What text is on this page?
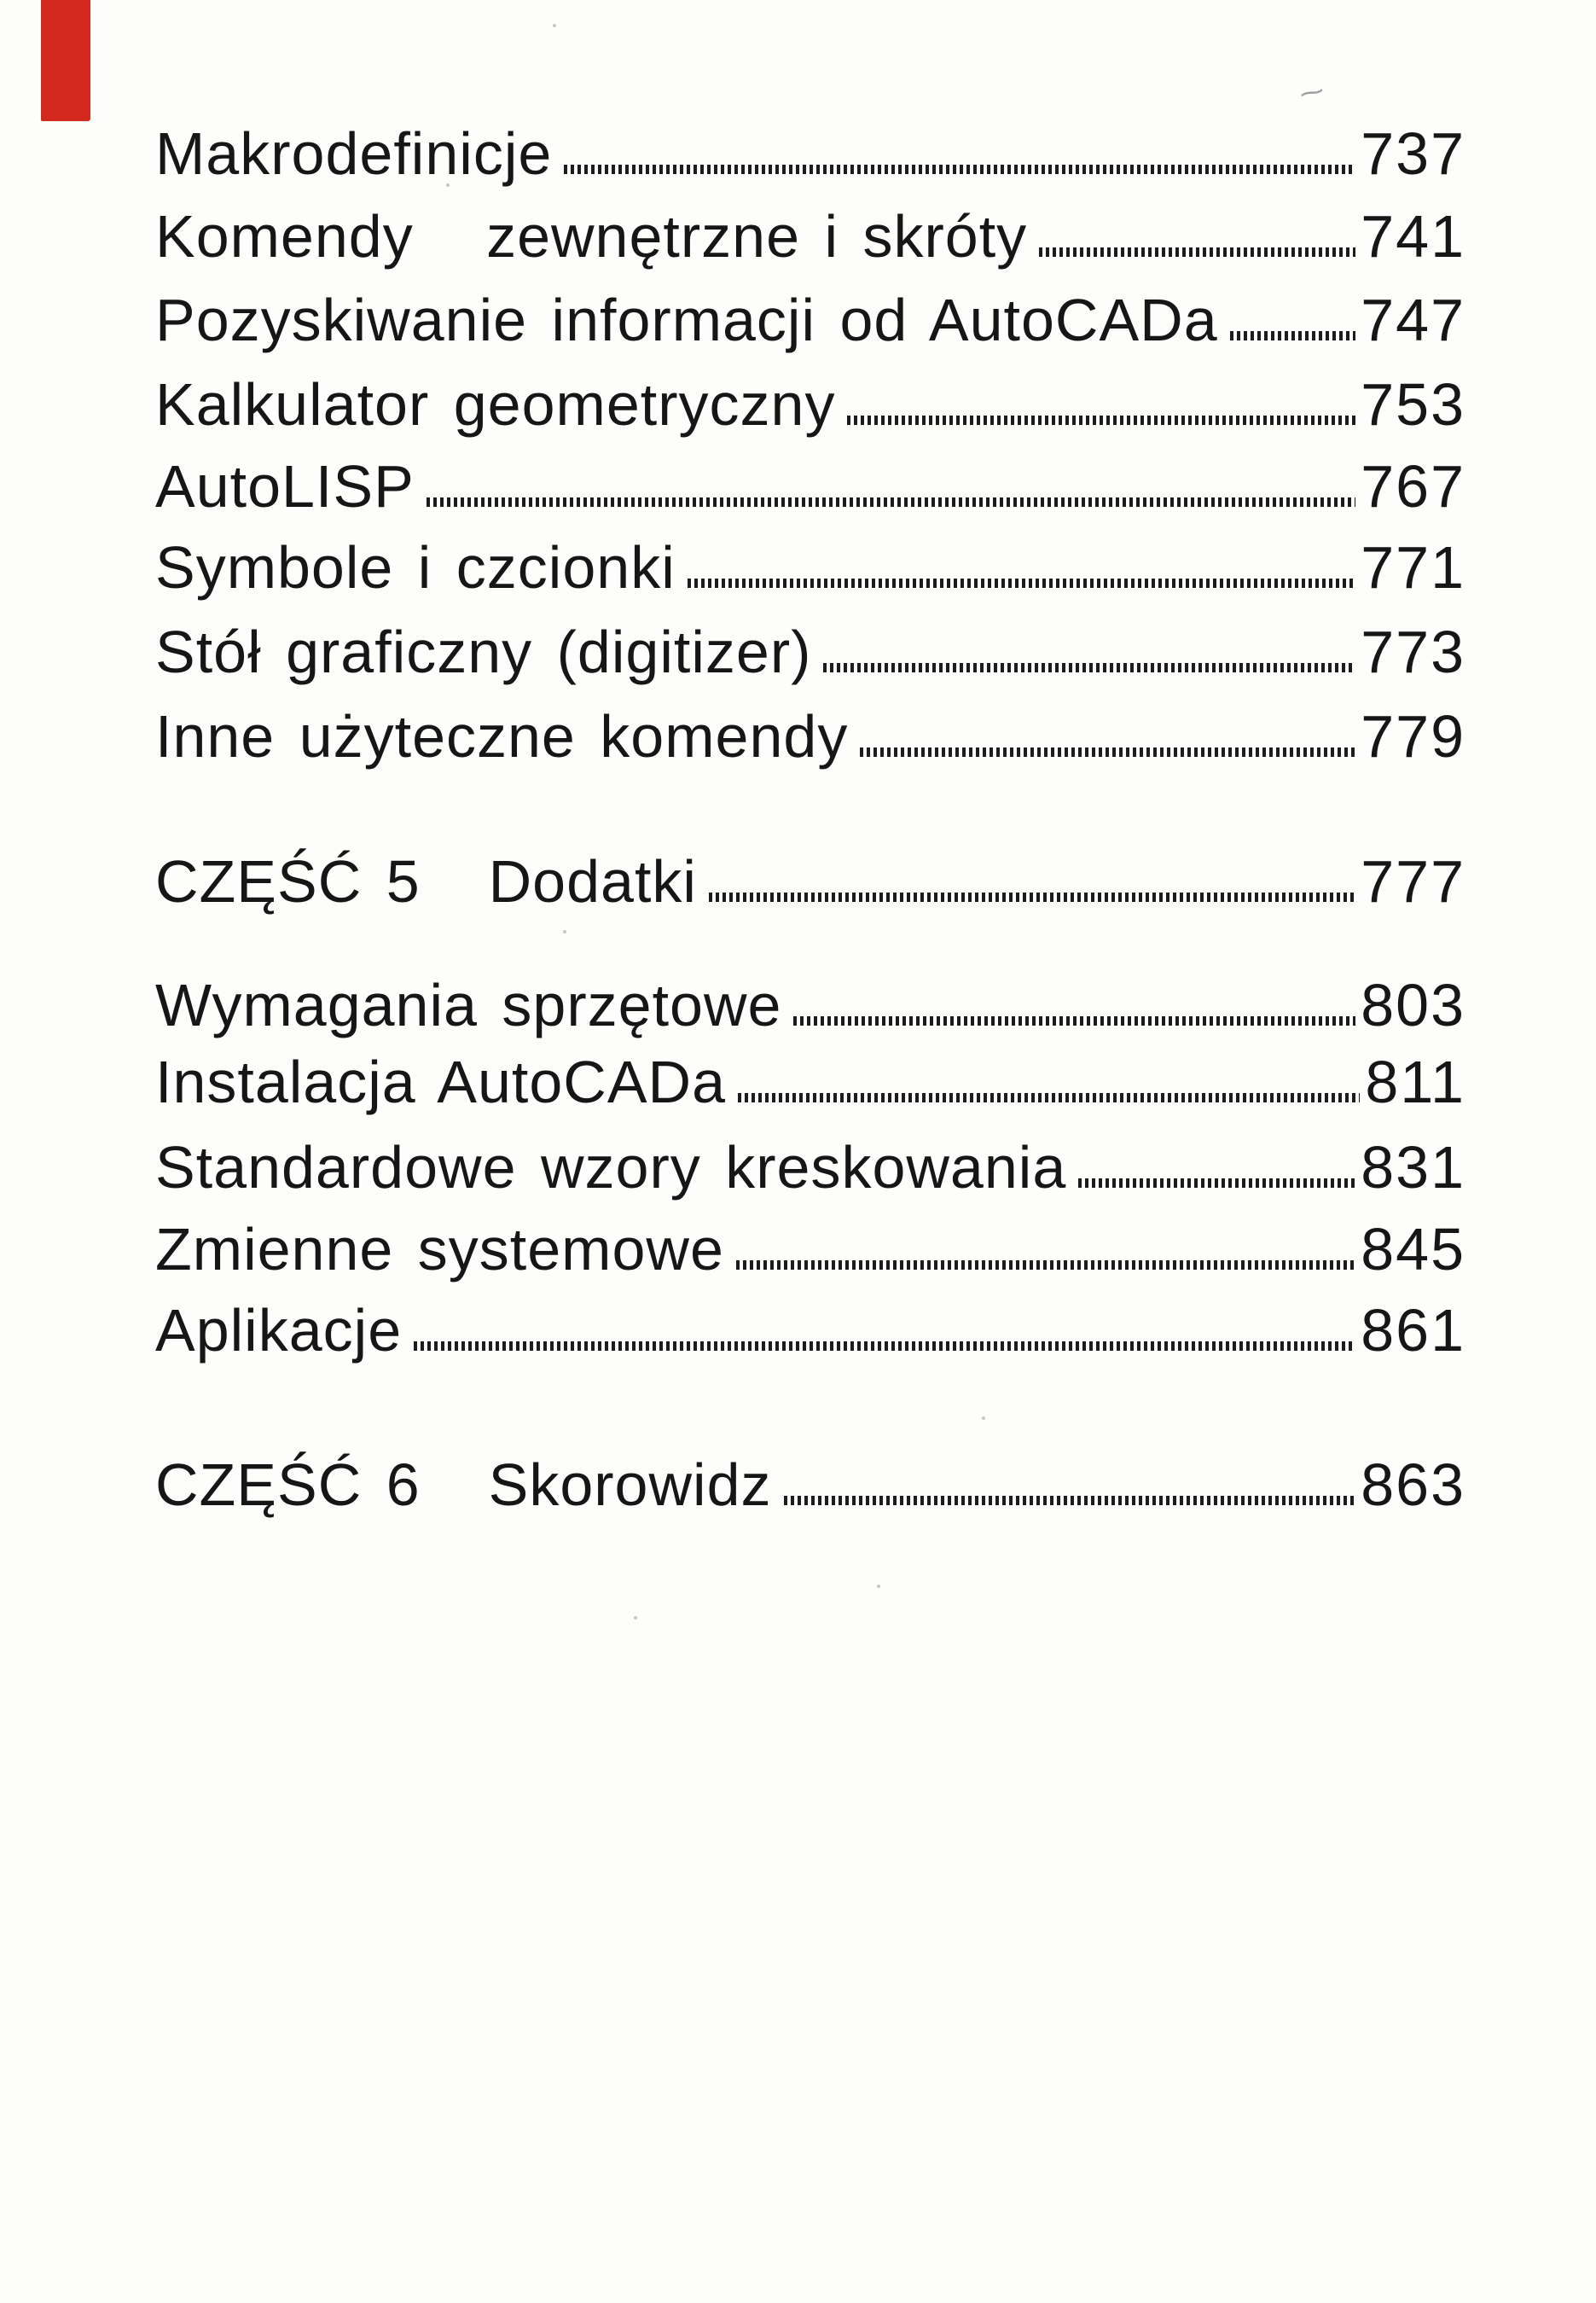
~
Makrodefinicje	737
Komendy   zewnętrzne i skróty	741
Pozyskiwanie informacji od AutoCADa 747
Kalkulator geometryczny	753
AutoLISP	767
Symbole i czcionki	771
Stół graficzny (digitizer)	773
Inne użyteczne komendy	779
CZĘŚĆ 5 Dodatki	777
Wymagania sprzętowe	803
Instalacja AutoCADa	811
Standardowe wzory kreskowania	831
Zmienne systemowe	845
Aplikacje	861
CZĘŚĆ 6 Skorowidz	863
